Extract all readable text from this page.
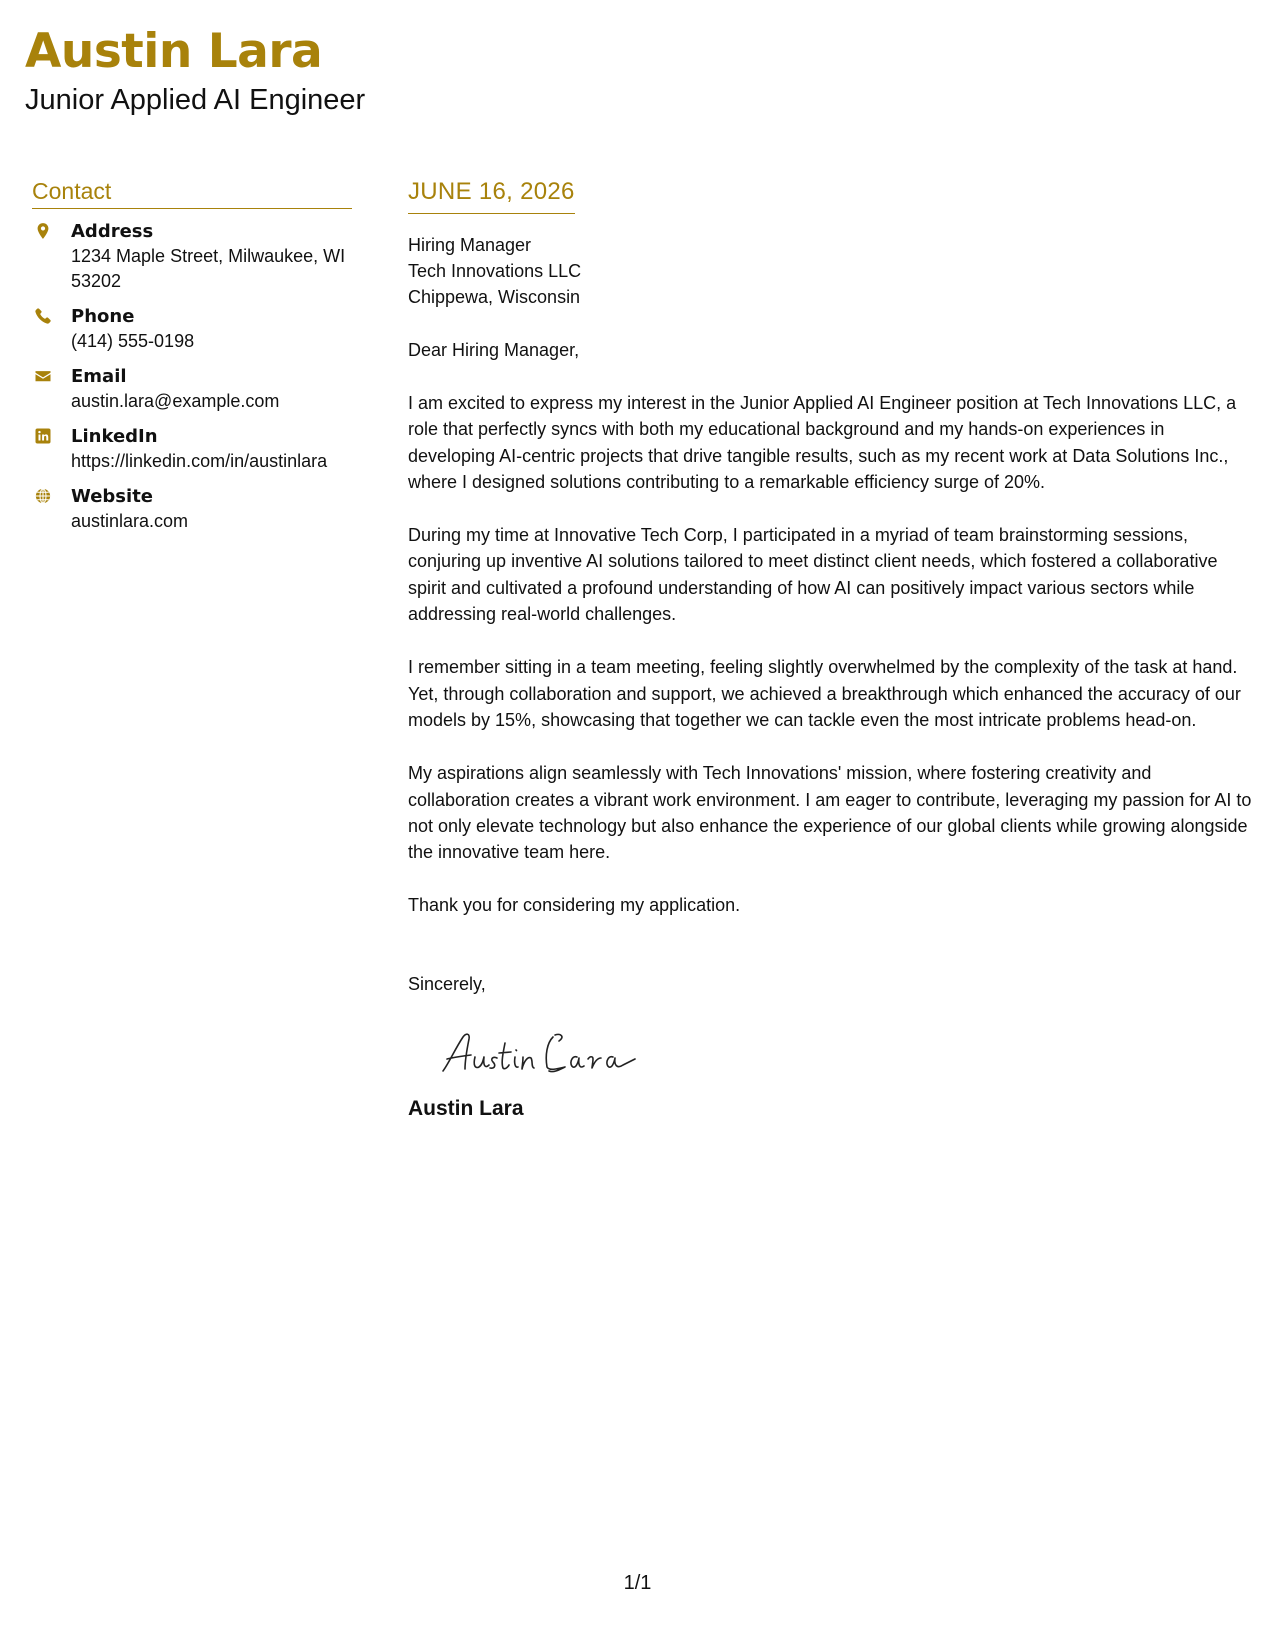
Austin Lara
Junior Applied AI Engineer
Contact
Address
1234 Maple Street, Milwaukee, WI 53202
Phone
(414) 555-0198
Email
austin.lara@example.com
LinkedIn
https://linkedin.com/in/austinlara
Website
austinlara.com
JUNE 16, 2026
Hiring Manager
Tech Innovations LLC
Chippewa, Wisconsin
Dear Hiring Manager,

I am excited to express my interest in the Junior Applied AI Engineer position at Tech Innovations LLC, a role that perfectly syncs with both my educational background and my hands-on experiences in developing AI-centric projects that drive tangible results, such as my recent work at Data Solutions Inc., where I designed solutions contributing to a remarkable efficiency surge of 20%.

During my time at Innovative Tech Corp, I participated in a myriad of team brainstorming sessions, conjuring up inventive AI solutions tailored to meet distinct client needs, which fostered a collaborative spirit and cultivated a profound understanding of how AI can positively impact various sectors while addressing real-world challenges.

I remember sitting in a team meeting, feeling slightly overwhelmed by the complexity of the task at hand. Yet, through collaboration and support, we achieved a breakthrough which enhanced the accuracy of our models by 15%, showcasing that together we can tackle even the most intricate problems head-on.

My aspirations align seamlessly with Tech Innovations' mission, where fostering creativity and collaboration creates a vibrant work environment. I am eager to contribute, leveraging my passion for AI to not only elevate technology but also enhance the experience of our global clients while growing alongside the innovative team here.

Thank you for considering my application.
Sincerely,
Austin Lara
1/1
